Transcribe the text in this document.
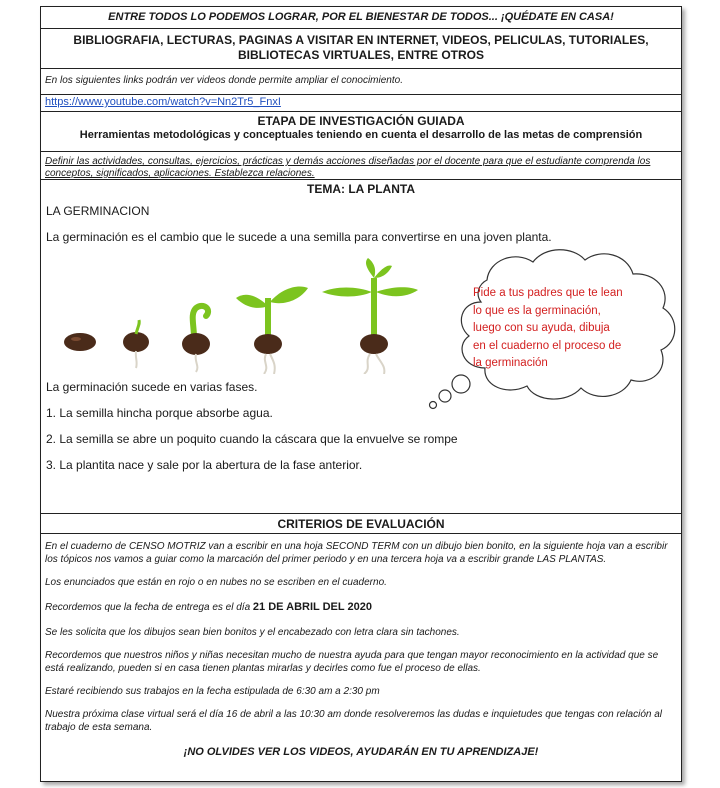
ENTRE TODOS LO PODEMOS LOGRAR, POR EL BIENESTAR DE TODOS... ¡QUÉDATE EN CASA!
BIBLIOGRAFIA, LECTURAS, PAGINAS A VISITAR EN INTERNET, VIDEOS, PELICULAS, TUTORIALES, BIBLIOTECAS VIRTUALES, ENTRE OTROS
En los siguientes links podrán ver videos donde permite ampliar el conocimiento.
https://www.youtube.com/watch?v=Nn2Tr5_FnxI
ETAPA DE INVESTIGACIÓN GUIADA
Herramientas metodológicas y conceptuales teniendo en cuenta el desarrollo de las metas de comprensión
Definir las actividades, consultas, ejercicios, prácticas y demás acciones diseñadas por el docente para que el estudiante comprenda los conceptos, significados, aplicaciones. Establezca relaciones.
TEMA: LA PLANTA
LA GERMINACION
La germinación es el cambio que le sucede a una semilla para convertirse en una joven planta.
Pide a tus padres que te lean lo que es la germinación, luego con su ayuda, dibuja en el cuaderno el proceso de la germinación
La germinación sucede en varias fases.
1. La semilla hincha porque absorbe agua.
2. La semilla se abre un poquito cuando la cáscara que la envuelve se rompe
3. La plantita nace y sale por la abertura de la fase anterior.
CRITERIOS DE EVALUACIÓN
En el cuaderno de CENSO MOTRIZ van a escribir en una hoja SECOND TERM con un dibujo bien bonito, en la siguiente hoja van a escribir los tópicos nos vamos a guiar como la marcación del primer periodo y en una tercera hoja va a escribir grande LAS PLANTAS.
Los enunciados que están en rojo o en nubes no se escriben en el cuaderno.
Recordemos que la fecha de entrega es el día 21 DE ABRIL DEL 2020
Se les solicita que los dibujos sean bien bonitos y el encabezado con letra clara sin tachones.
Recordemos que nuestros niños y niñas necesitan mucho de nuestra ayuda para que tengan mayor reconocimiento en la actividad que se está realizando, pueden si en casa tienen plantas mirarlas y decirles como fue el proceso de ellas.
Estaré recibiendo sus trabajos en la fecha estipulada de 6:30 am a 2:30 pm
Nuestra próxima clase virtual será el día 16 de abril a las 10:30 am donde resolveremos las dudas e inquietudes que tengas con relación al trabajo de esta semana.
¡NO OLVIDES VER LOS VIDEOS, AYUDARÁN EN TU APRENDIZAJE!
